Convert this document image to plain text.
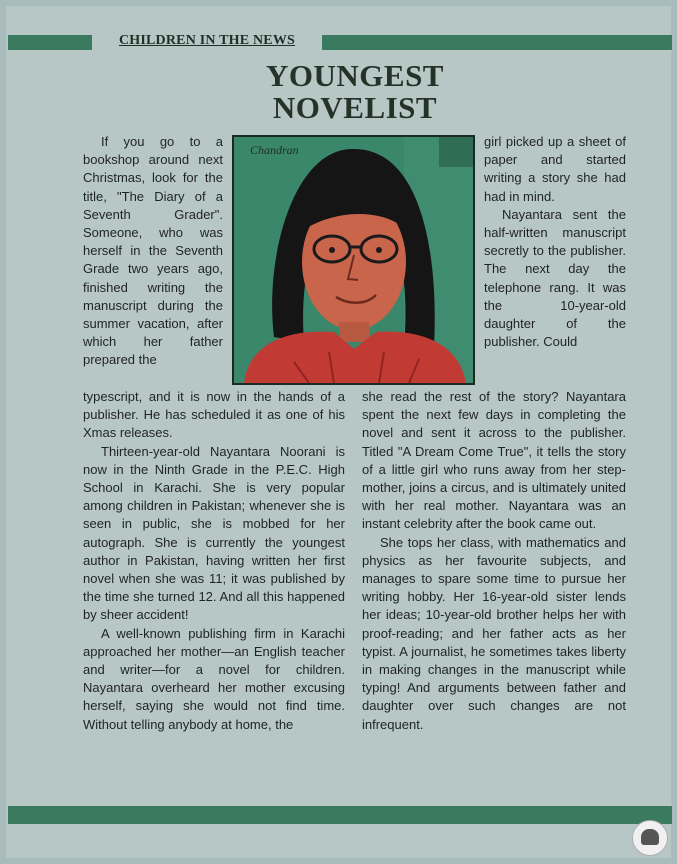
CHILDREN IN THE NEWS
YOUNGEST
NOVELIST

If you go to a bookshop around next Christmas, look for the title, "The Diary of a Seventh Grader". Someone, who was herself in the Seventh Grade two years ago, finished writing the manuscript during the summer vacation, after which her father prepared the

Chandran

girl picked up a sheet of paper and started writing a story she had had in mind.

Nayantara sent the half-written manuscript secretly to the publisher. The next day the telephone rang. It was the 10-year-old daughter of the publisher. Could

typescript, and it is now in the hands of a publisher. He has scheduled it as one of his Xmas releases.

Thirteen-year-old Nayantara Noorani is now in the Ninth Grade in the P.E.C. High School in Karachi. She is very popular among children in Pakistan; whenever she is seen in public, she is mobbed for her autograph. She is currently the youngest author in Pakistan, having written her first novel when she was 11; it was published by the time she turned 12. And all this happened by sheer accident!

A well-known publishing firm in Karachi approached her mother—an English teacher and writer—for a novel for children. Nayantara overheard her mother excusing herself, saying she would not find time. Without telling anybody at home, the

she read the rest of the story? Nayantara spent the next few days in completing the novel and sent it across to the publisher. Titled "A Dream Come True", it tells the story of a little girl who runs away from her step-mother, joins a circus, and is ultimately united with her real mother. Nayantara was an instant celebrity after the book came out.

She tops her class, with mathematics and physics as her favourite subjects, and manages to spare some time to pursue her writing hobby. Her 16-year-old sister lends her ideas; 10-year-old brother helps her with proof-reading; and her father acts as her typist. A journalist, he sometimes takes liberty in making changes in the manuscript while typing! And arguments between father and daughter over such changes are not infrequent.
